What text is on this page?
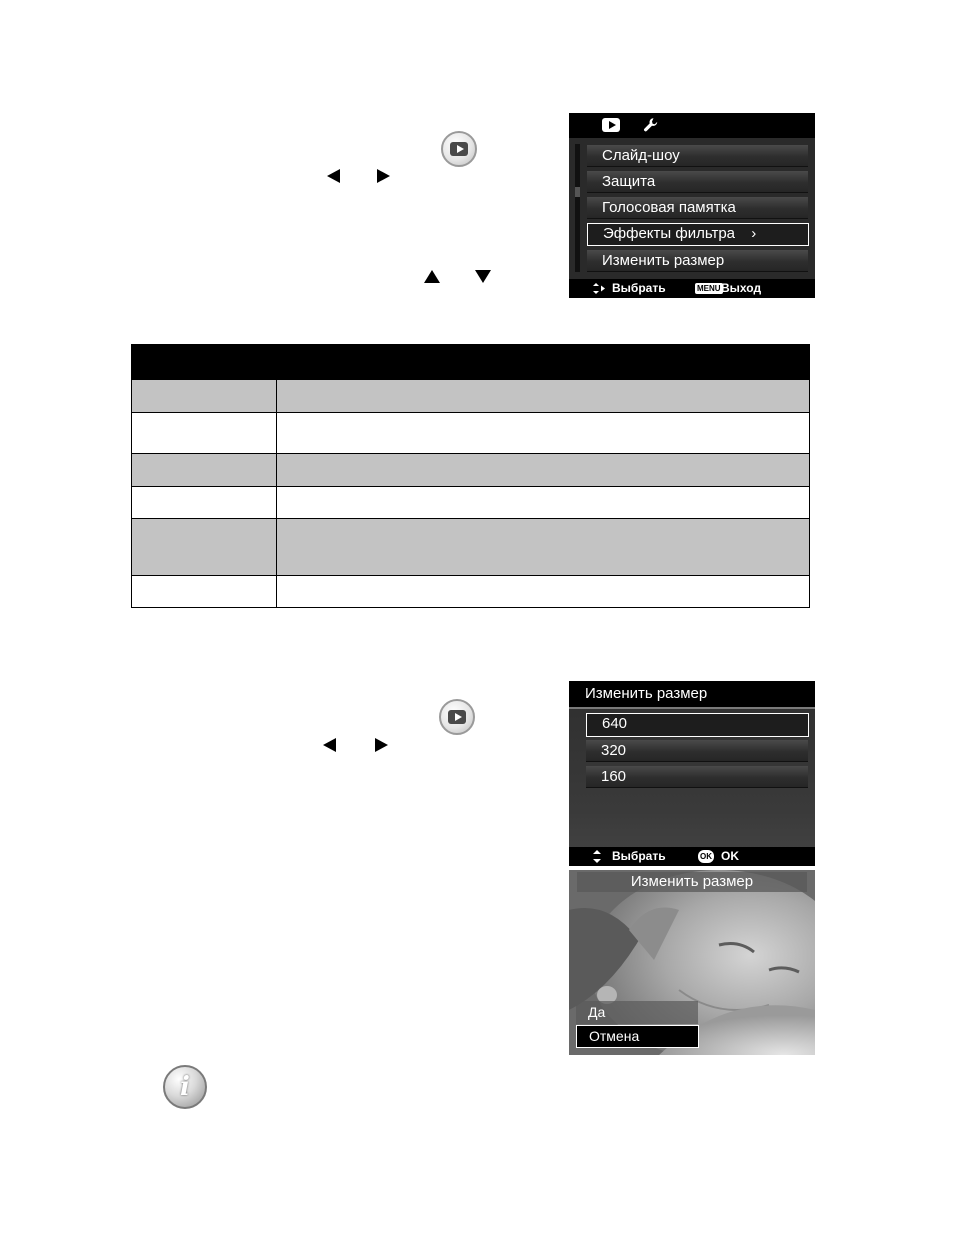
Слайд-шоу
Защита
Голосовая памятка
Эффекты фильтра ›
Изменить размер
Выбрать	MENU Выход

Изменить размер
640
320
160
Выбрать	OK OK
Изменить размер
Да
Отмена
i
